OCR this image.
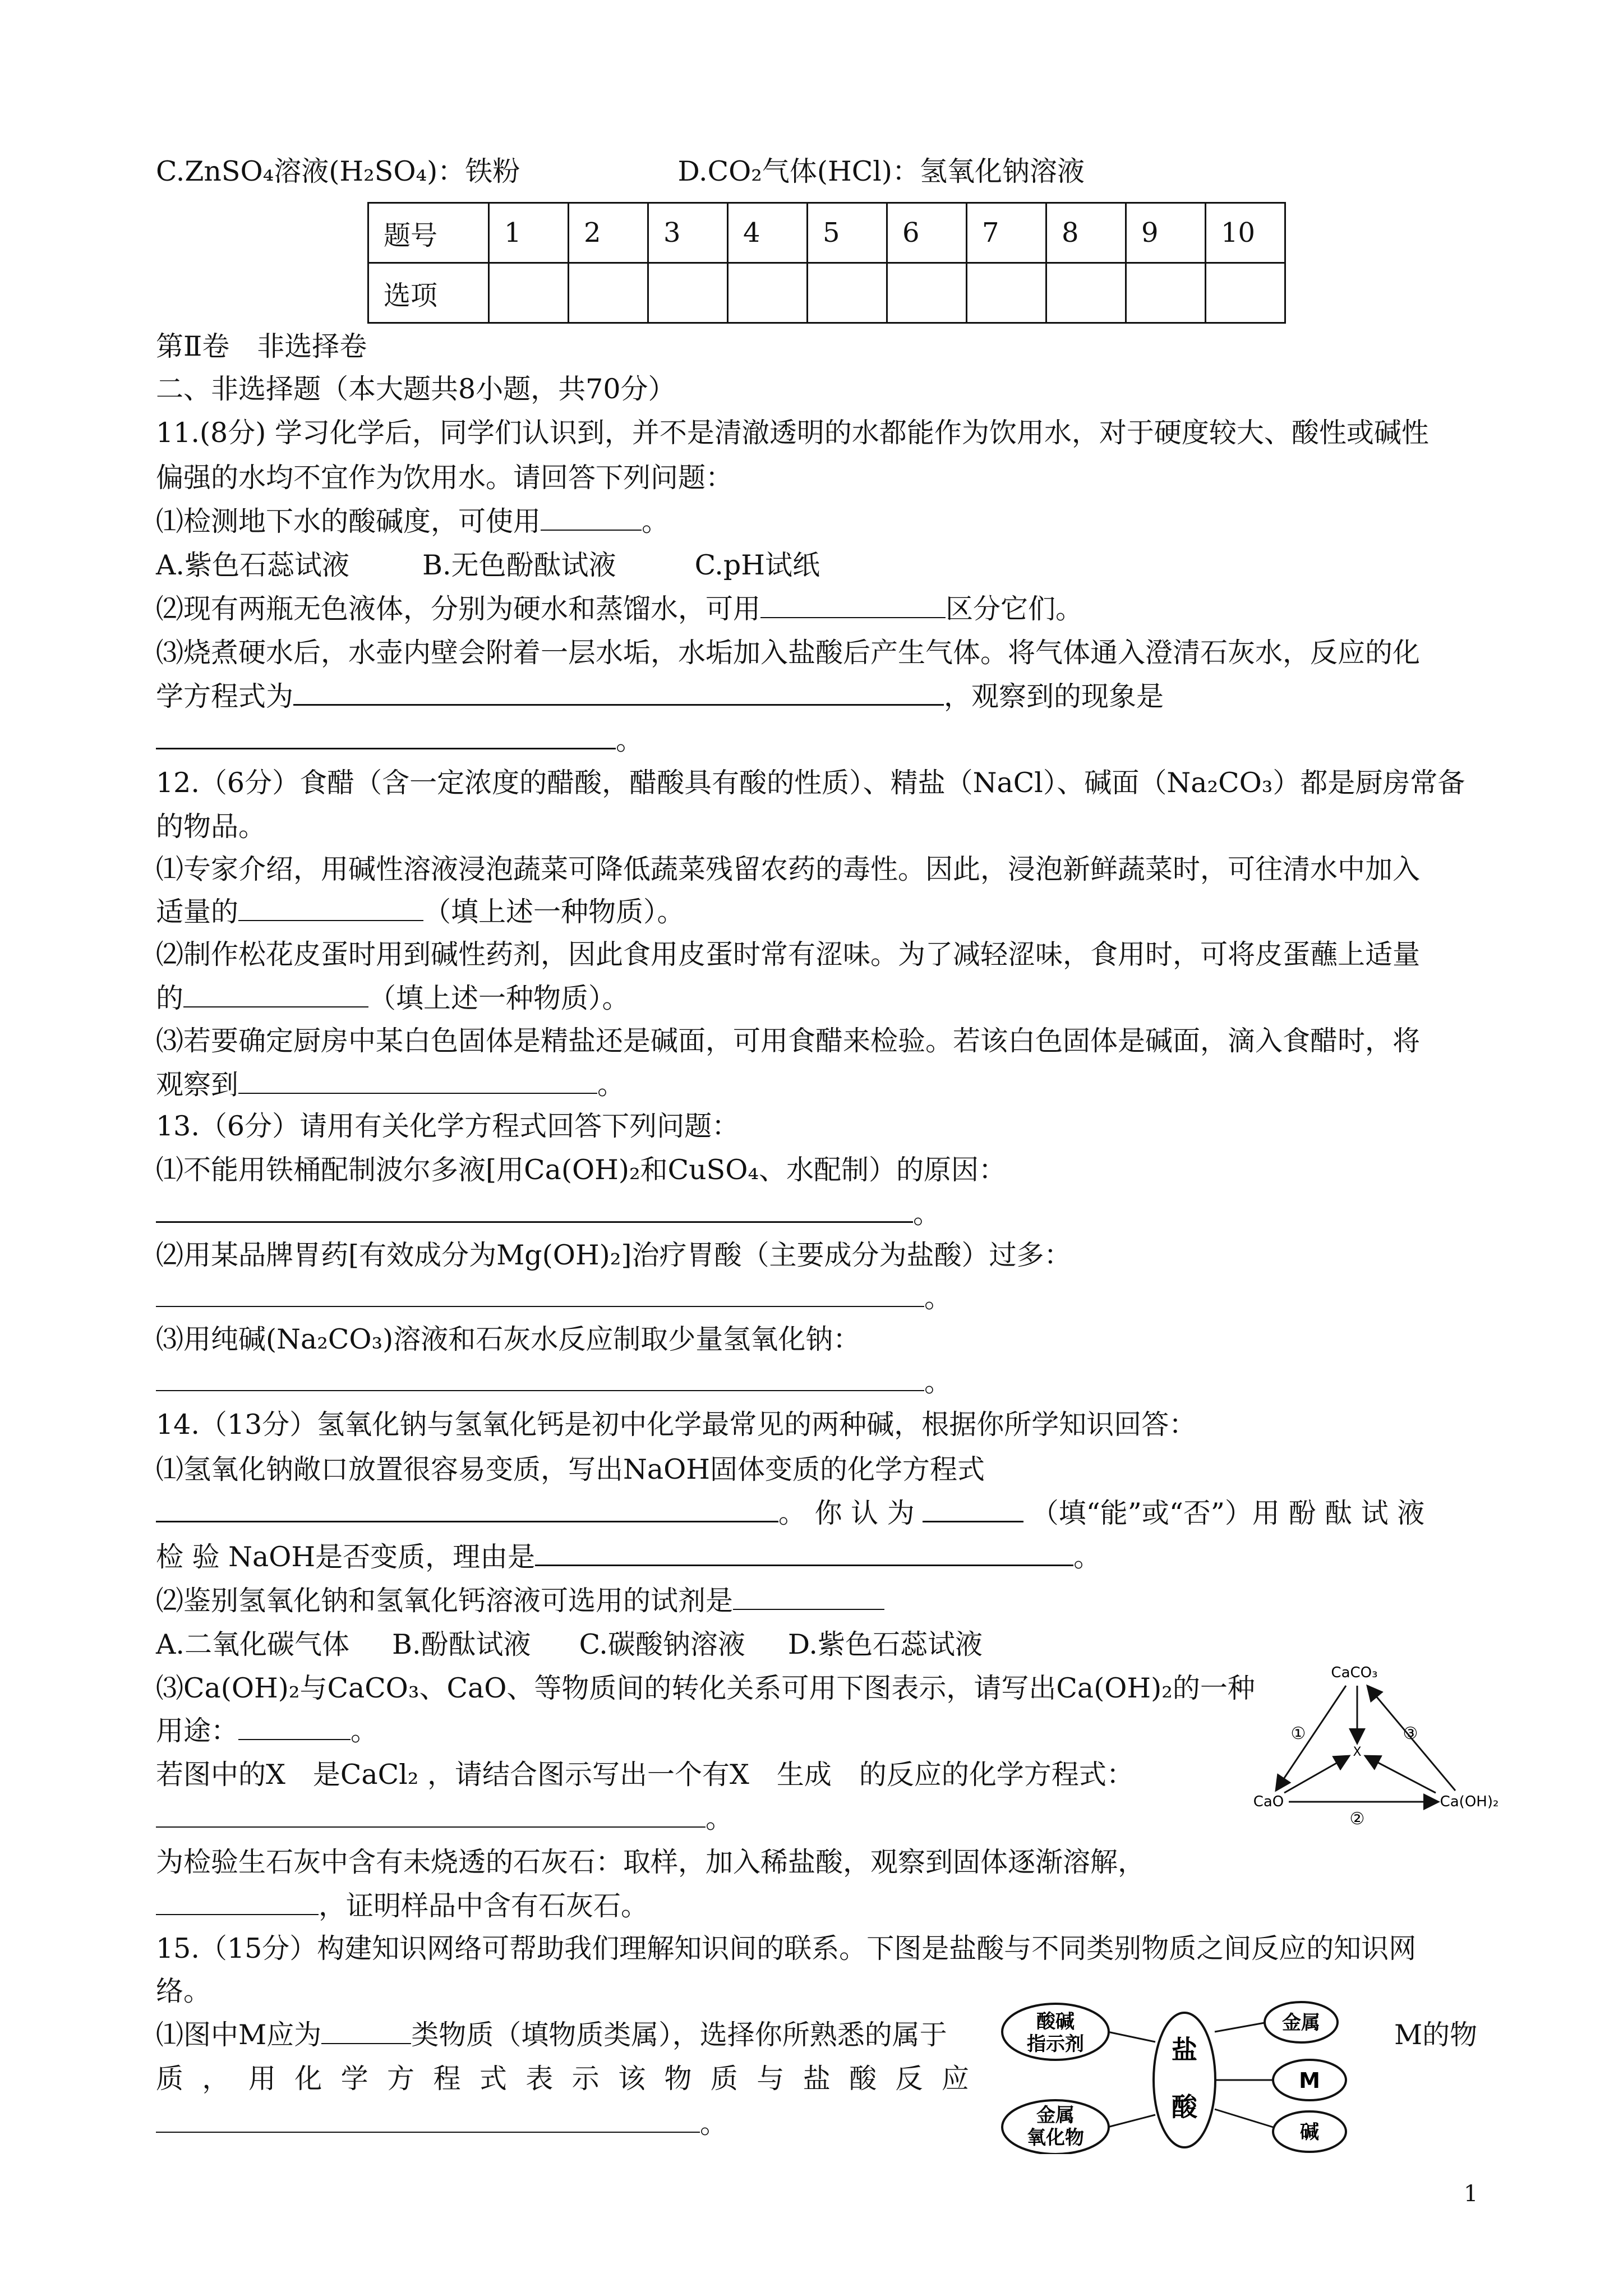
C.ZnSO₄溶液(H₂SO₄)：铁粉	D.CO₂气体(HCl)：氢氧化钠溶液
题号	1	2	3	4	5	6	7	8	9	10
选项										
第Ⅱ卷　非选择卷
二、非选择题（本大题共8小题，共70分）
11.(8分) 学习化学后，同学们认识到，并不是清澈透明的水都能作为饮用水，对于硬度较大、酸性或碱性
偏强的水均不宜作为饮用水。请回答下列问题：
⑴检测地下水的酸碱度，可使用	。
A.紫色石蕊试液	B.无色酚酞试液	C.pH试纸
⑵现有两瓶无色液体，分别为硬水和蒸馏水，可用	区分它们。
⑶烧煮硬水后，水壶内壁会附着一层水垢，水垢加入盐酸后产生气体。将气体通入澄清石灰水，反应的化
学方程式为	，观察到的现象是
。
12.（6分）食醋（含一定浓度的醋酸，醋酸具有酸的性质）、精盐（NaCl）、碱面（Na₂CO₃）都是厨房常备
的物品。
⑴专家介绍，用碱性溶液浸泡蔬菜可降低蔬菜残留农药的毒性。因此，浸泡新鲜蔬菜时，可往清水中加入
适量的	（填上述一种物质）。
⑵制作松花皮蛋时用到碱性药剂，因此食用皮蛋时常有涩味。为了减轻涩味，食用时，可将皮蛋蘸上适量
的	（填上述一种物质）。
⑶若要确定厨房中某白色固体是精盐还是碱面，可用食醋来检验。若该白色固体是碱面，滴入食醋时，将
观察到	。
13.（6分）请用有关化学方程式回答下列问题：
⑴不能用铁桶配制波尔多液[用Ca(OH)₂和CuSO₄、水配制）的原因：
。
⑵用某品牌胃药[有效成分为Mg(OH)₂]治疗胃酸（主要成分为盐酸）过多：
。
⑶用纯碱(Na₂CO₃)溶液和石灰水反应制取少量氢氧化钠：
。
14.（13分）氢氧化钠与氢氧化钙是初中化学最常见的两种碱，根据你所学知识回答：
⑴氢氧化钠敞口放置很容易变质，写出NaOH固体变质的化学方程式
。 你 认 为	（填“能”或“否”）用 酚 酞 试 液
检 验 NaOH是否变质，理由是	。
⑵鉴别氢氧化钠和氢氧化钙溶液可选用的试剂是
A.二氧化碳气体 B.酚酞试液 C.碳酸钠溶液 D.紫色石蕊试液
⑶Ca(OH)₂与CaCO₃、CaO、等物质间的转化关系可用下图表示，请写出Ca(OH)₂的一种
用途：	。
若图中的X　是CaCl₂ ，请结合图示写出一个有X　生成　的反应的化学方程式：
。
为检验生石灰中含有未烧透的石灰石：取样，加入稀盐酸，观察到固体逐渐溶解，
，证明样品中含有石灰石。
CaCO₃
CaO	Ca(OH)₂
X
①
②
③
15.（15分）构建知识网络可帮助我们理解知识间的联系。下图是盐酸与不同类别物质之间反应的知识网
络。
⑴图中M应为	类物质（填物质类属），选择你所熟悉的属于	M的物
质 ， 用 化 学 方 程 式 表 示 该 物 质 与 盐 酸 反 应
。
酸碱
指示剂
金属
氧化物
盐
酸
金属
M
碱
1
